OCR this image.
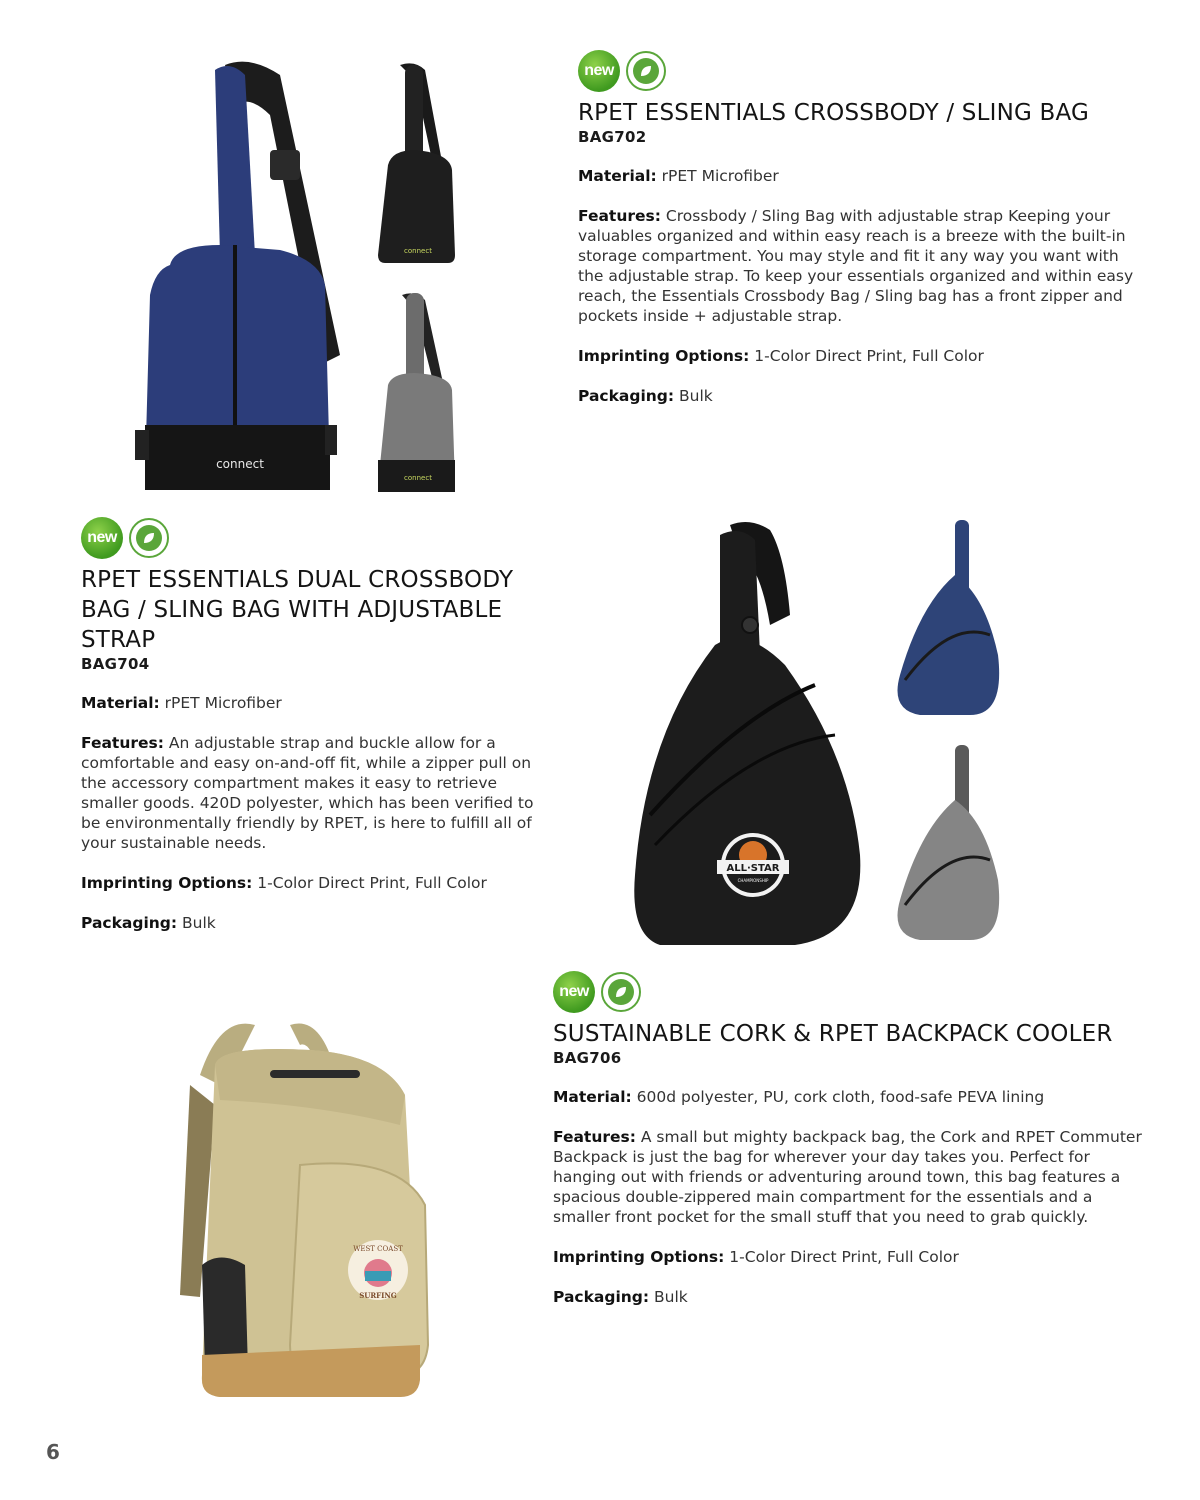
connect
connect
connect
new
RPET ESSENTIALS CROSSBODY / SLING BAG

BAG702

Material: rPET Microfiber

Features: Crossbody / Sling Bag with adjustable strap Keeping your valuables organized and within easy reach is a breeze with the built-in storage compartment. You may style and fit it any way you want with the adjustable strap. To keep your essentials organized and within easy reach, the Essentials Crossbody Bag / Sling bag has a front zipper and pockets inside + adjustable strap.

Imprinting Options: 1-Color Direct Print, Full Color

Packaging: Bulk

new
RPET ESSENTIALS DUAL CROSSBODY BAG / SLING BAG WITH ADJUSTABLE STRAP

BAG704

Material: rPET Microfiber

Features: An adjustable strap and buckle allow for a comfortable and easy on-and-off fit, while a zipper pull on the accessory compartment makes it easy to retrieve smaller goods. 420D polyester, which has been verified to be environmentally friendly by RPET, is here to fulfill all of your sustainable needs.

Imprinting Options: 1-Color Direct Print, Full Color

Packaging: Bulk

ALL·STAR
CHAMPIONSHIP
WEST COAST
SURFING
new
SUSTAINABLE CORK & RPET BACKPACK COOLER

BAG706

Material: 600d polyester, PU, cork cloth, food-safe PEVA lining

Features: A small but mighty backpack bag, the Cork and RPET Commuter Backpack is just the bag for wherever your day takes you. Perfect for hanging out with friends or adventuring around town, this bag features a spacious double-zippered main compartment for the essentials and a smaller front pocket for the small stuff that you need to grab quickly.

Imprinting Options: 1-Color Direct Print, Full Color

Packaging: Bulk

6
